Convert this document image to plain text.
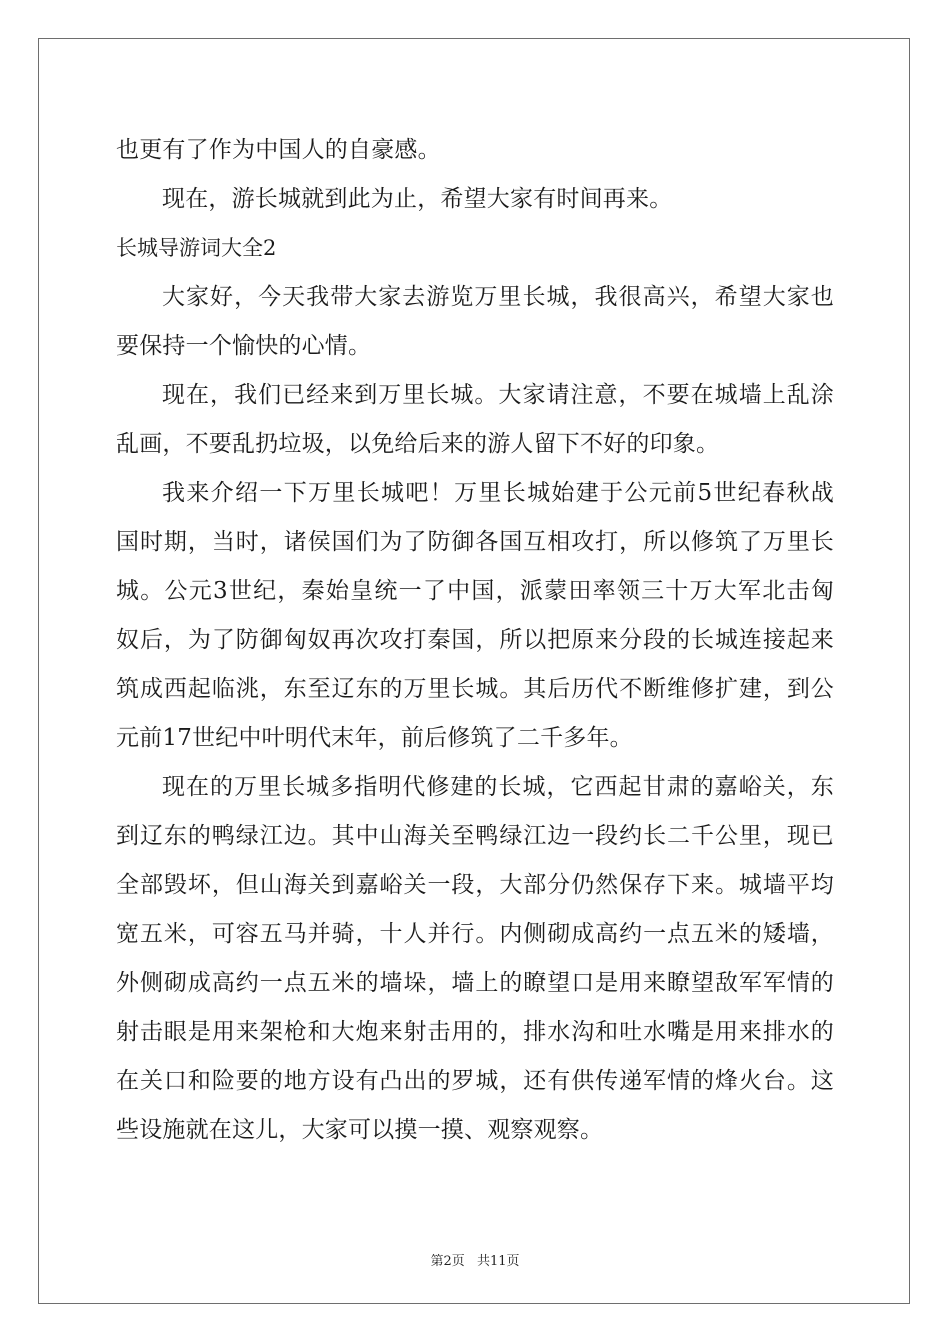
也更有了作为中国人的自豪感。
现在，游长城就到此为止，希望大家有时间再来。
长城导游词大全2
大家好，今天我带大家去游览万里长城，我很高兴，希望大家也
要保持一个愉快的心情。
现在，我们已经来到万里长城。大家请注意，不要在城墙上乱涂
乱画，不要乱扔垃圾，以免给后来的游人留下不好的印象。
我来介绍一下万里长城吧！万里长城始建于公元前5世纪春秋战
国时期，当时，诸侯国们为了防御各国互相攻打，所以修筑了万里长
城。公元3世纪，秦始皇统一了中国，派蒙田率领三十万大军北击匈
奴后，为了防御匈奴再次攻打秦国，所以把原来分段的长城连接起来
筑成西起临洮，东至辽东的万里长城。其后历代不断维修扩建，到公
元前17世纪中叶明代末年，前后修筑了二千多年。
现在的万里长城多指明代修建的长城，它西起甘肃的嘉峪关，东
到辽东的鸭绿江边。其中山海关至鸭绿江边一段约长二千公里，现已
全部毁坏，但山海关到嘉峪关一段，大部分仍然保存下来。城墙平均
宽五米，可容五马并骑，十人并行。内侧砌成高约一点五米的矮墙，
外侧砌成高约一点五米的墙垛，墙上的瞭望口是用来瞭望敌军军情的
射击眼是用来架枪和大炮来射击用的，排水沟和吐水嘴是用来排水的
在关口和险要的地方设有凸出的罗城，还有供传递军情的烽火台。这
些设施就在这儿，大家可以摸一摸、观察观察。
第2页 共11页
